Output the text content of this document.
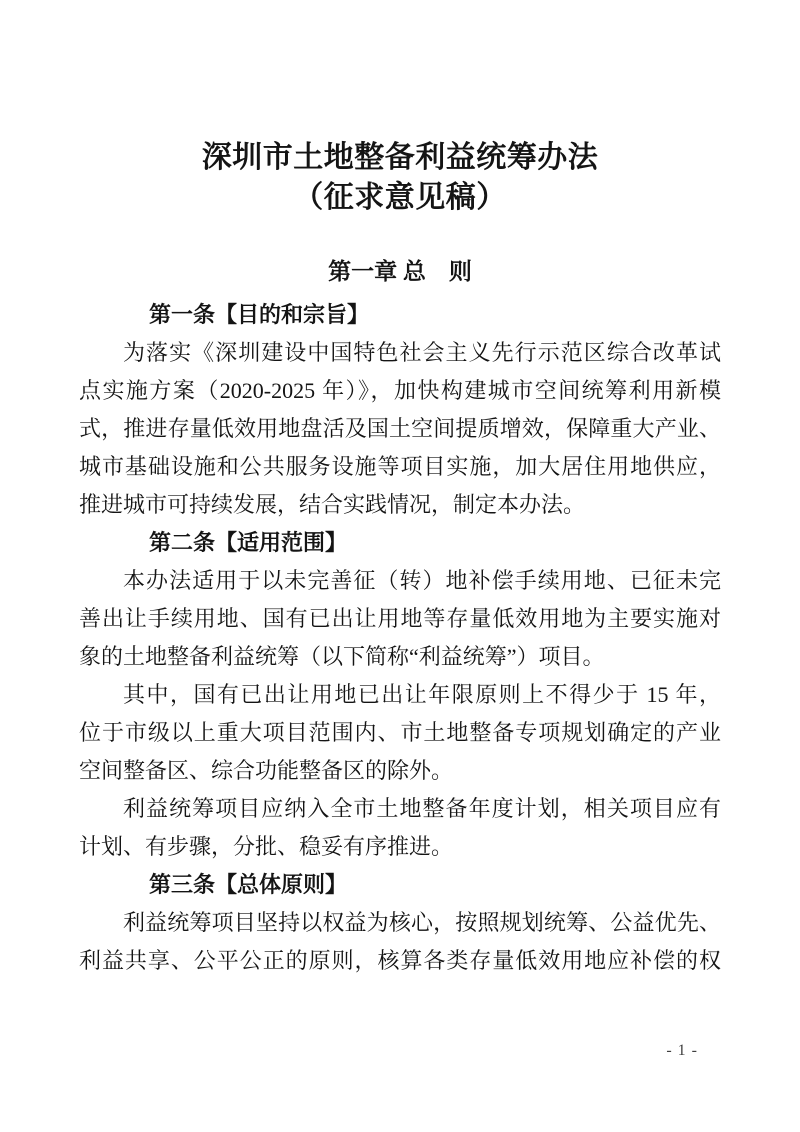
深圳市土地整备利益统筹办法
（征求意见稿）
第一章 总　则
第一条【目的和宗旨】
为落实《深圳建设中国特色社会主义先行示范区综合改革试
点实施方案（2020-2025 年）》，加快构建城市空间统筹利用新模
式，推进存量低效用地盘活及国土空间提质增效，保障重大产业、
城市基础设施和公共服务设施等项目实施，加大居住用地供应，
推进城市可持续发展，结合实践情况，制定本办法。
第二条【适用范围】
本办法适用于以未完善征（转）地补偿手续用地、已征未完
善出让手续用地、国有已出让用地等存量低效用地为主要实施对
象的土地整备利益统筹（以下简称“利益统筹”）项目。
其中，国有已出让用地已出让年限原则上不得少于 15 年，
位于市级以上重大项目范围内、市土地整备专项规划确定的产业
空间整备区、综合功能整备区的除外。
利益统筹项目应纳入全市土地整备年度计划，相关项目应有
计划、有步骤，分批、稳妥有序推进。
第三条【总体原则】
利益统筹项目坚持以权益为核心，按照规划统筹、公益优先、
利益共享、公平公正的原则，核算各类存量低效用地应补偿的权
- 1 -
